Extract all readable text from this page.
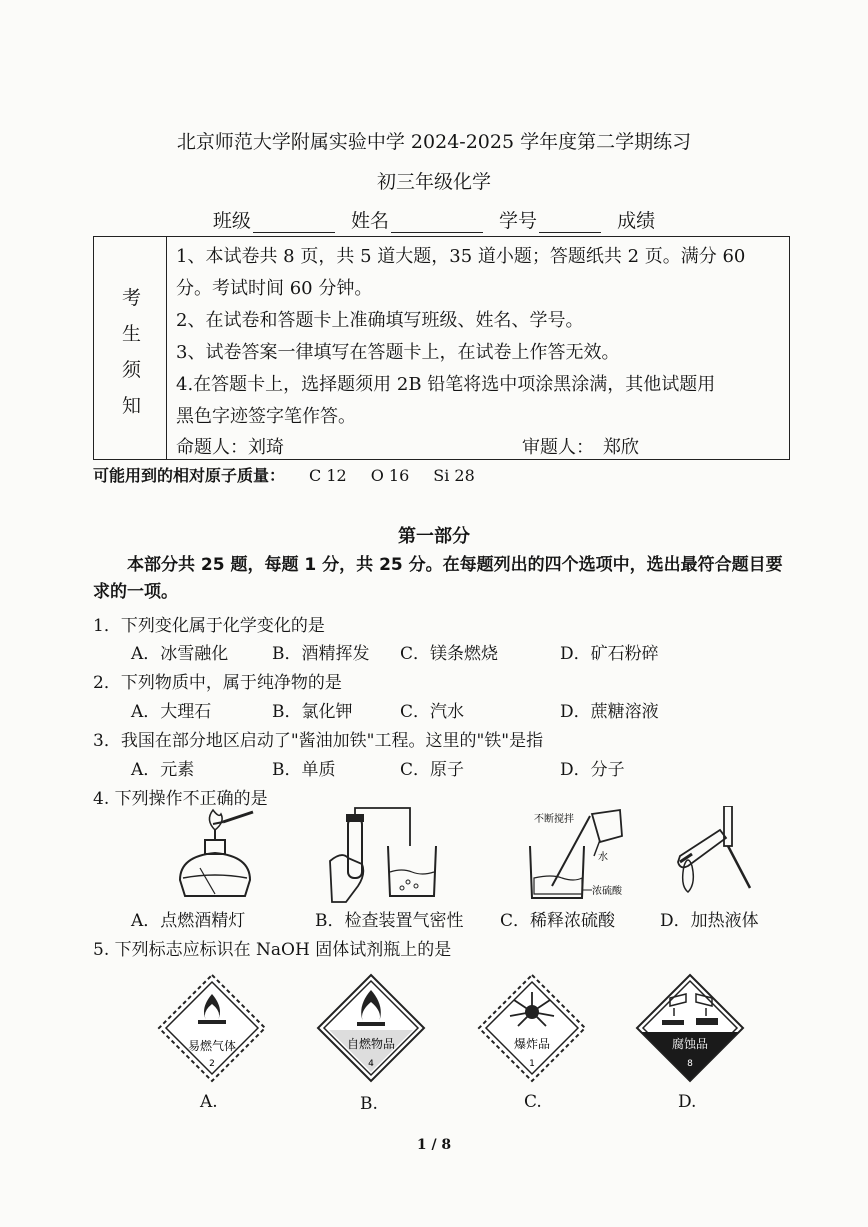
北京师范大学附属实验中学 2024-2025 学年度第二学期练习
初三年级化学
班级	姓名	学号	成绩
考
生
须
知
1、本试卷共 8 页，共 5 道大题，35 道小题；答题纸共 2 页。满分 60
分。考试时间 60 分钟。
2、在试卷和答题卡上准确填写班级、姓名、学号。
3、试卷答案一律填写在答题卡上，在试卷上作答无效。
4.在答题卡上，选择题须用 2B 铅笔将选中项涂黑涂满，其他试题用
黑色字迹签字笔作答。
命题人：刘琦	审题人：　郑欣
可能用到的相对原子质量： C 12 O 16 Si 28
第一部分
本部分共 25 题，每题 1 分，共 25 分。在每题列出的四个选项中，选出最符合题目要求的一项。
1．下列变化属于化学变化的是
A．冰雪融化	B．酒精挥发 C．镁条燃烧	D．矿石粉碎
2．下列物质中，属于纯净物的是
A．大理石	B．氯化钾	C．汽水	D．蔗糖溶液
3．我国在部分地区启动了"酱油加铁"工程。这里的"铁"是指
A．元素	B．单质	C．原子	D．分子
4. 下列操作不正确的是
不断搅拌
水
浓硫酸
A．点燃酒精灯	B．检查装置气密性 C．稀释浓硫酸	D．加热液体
5. 下列标志应标识在 NaOH 固体试剂瓶上的是
易燃气体
2
自燃物品
4
爆炸品
1
腐蚀品
8
A.	B.	C.	D.
1 / 8
